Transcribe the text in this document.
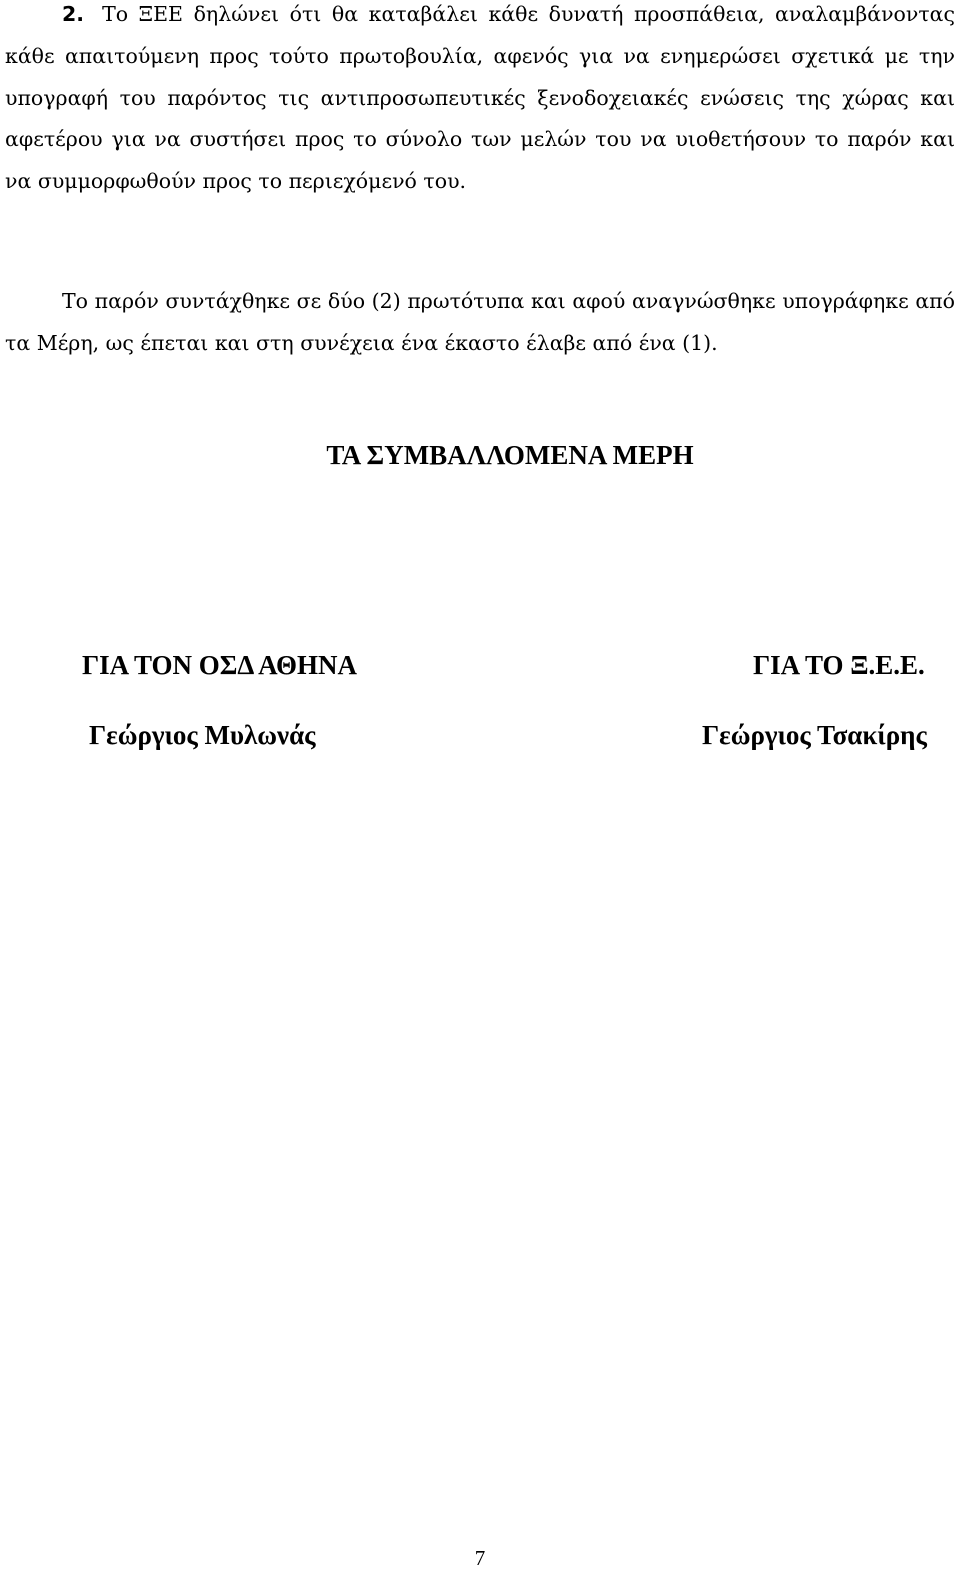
2. Το ΞΕΕ δηλώνει ότι θα καταβάλει κάθε δυνατή προσπάθεια, αναλαμβάνοντας κάθε απαιτούμενη προς τούτο πρωτοβουλία, αφενός για να ενημερώσει σχετικά με την υπογραφή του παρόντος τις αντιπροσωπευτικές ξενοδοχειακές ενώσεις της χώρας και αφετέρου για να συστήσει προς το σύνολο των μελών του να υιοθετήσουν το παρόν και να συμμορφωθούν προς το περιεχόμενό του.

Το παρόν συντάχθηκε σε δύο (2) πρωτότυπα και αφού αναγνώσθηκε υπογράφηκε από τα Μέρη, ως έπεται και στη συνέχεια ένα έκαστο έλαβε από ένα (1).

ΤΑ ΣΥΜΒΑΛΛΟΜΕΝΑ ΜΕΡΗ
ΓΙΑ ΤΟΝ ΟΣΔ ΑΘΗΝΑ
Γεώργιος Μυλωνάς
ΓΙΑ ΤΟ Ξ.Ε.Ε.
Γεώργιος Τσακίρης
7
